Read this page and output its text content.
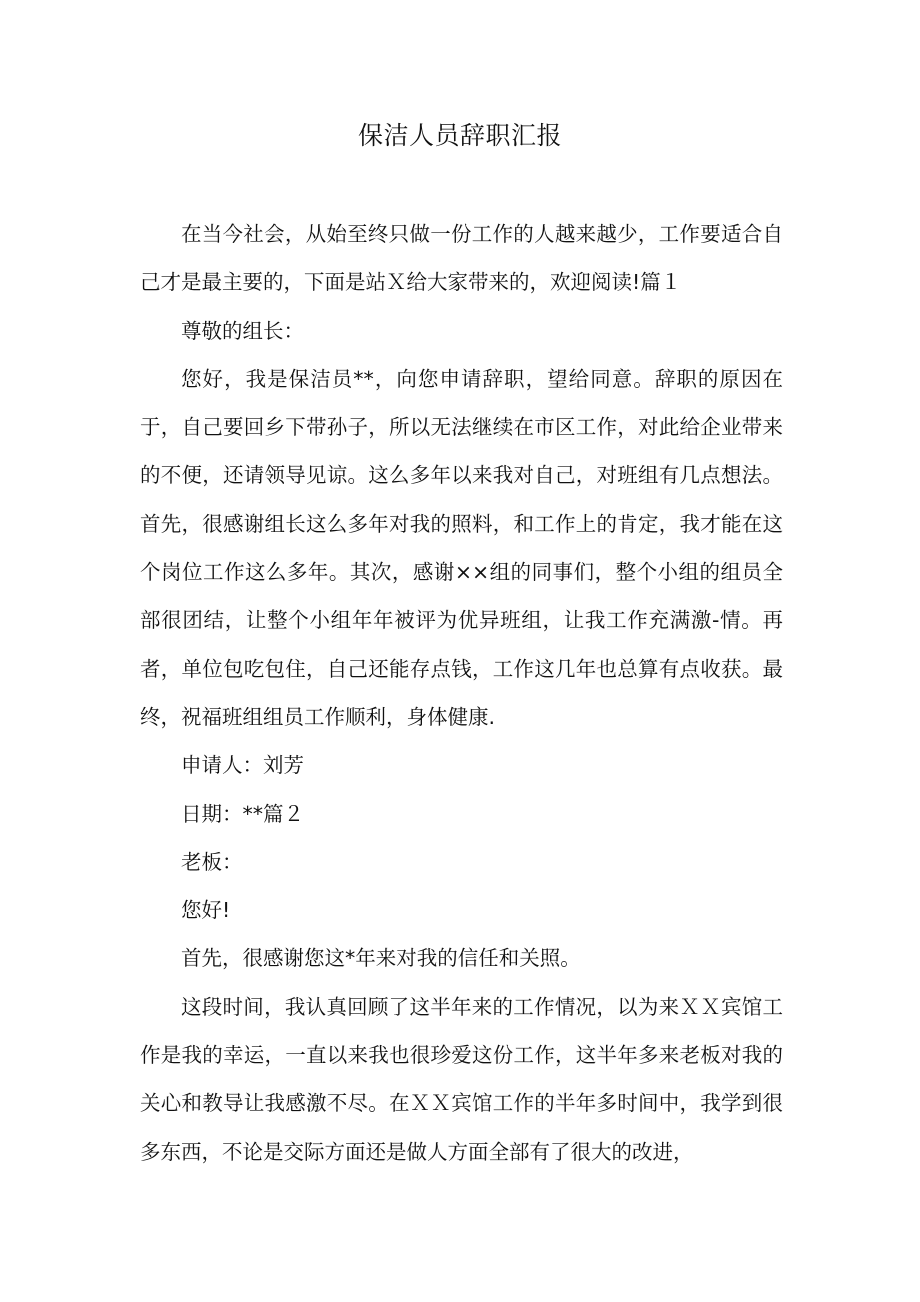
保洁人员辞职汇报

在当今社会，从始至终只做一份工作的人越来越少，工作要适合自己才是最主要的，下面是站Ｘ给大家带来的，欢迎阅读!篇１

尊敬的组长：

您好，我是保洁员**，向您申请辞职，望给同意。辞职的原因在于，自己要回乡下带孙子，所以无法继续在市区工作，对此给企业带来的不便，还请领导见谅。这么多年以来我对自己，对班组有几点想法。首先，很感谢组长这么多年对我的照料，和工作上的肯定，我才能在这个岗位工作这么多年。其次，感谢××组的同事们，整个小组的组员全部很团结，让整个小组年年被评为优异班组，让我工作充满激-情。再者，单位包吃包住，自己还能存点钱，工作这几年也总算有点收获。最终，祝福班组组员工作顺利，身体健康.

申请人：刘芳

日期：**篇２

老板：

您好!

首先，很感谢您这*年来对我的信任和关照。

这段时间，我认真回顾了这半年来的工作情况，以为来ＸＸ宾馆工作是我的幸运，一直以来我也很珍爱这份工作，这半年多来老板对我的关心和教导让我感激不尽。在ＸＸ宾馆工作的半年多时间中，我学到很多东西，不论是交际方面还是做人方面全部有了很大的改进，
